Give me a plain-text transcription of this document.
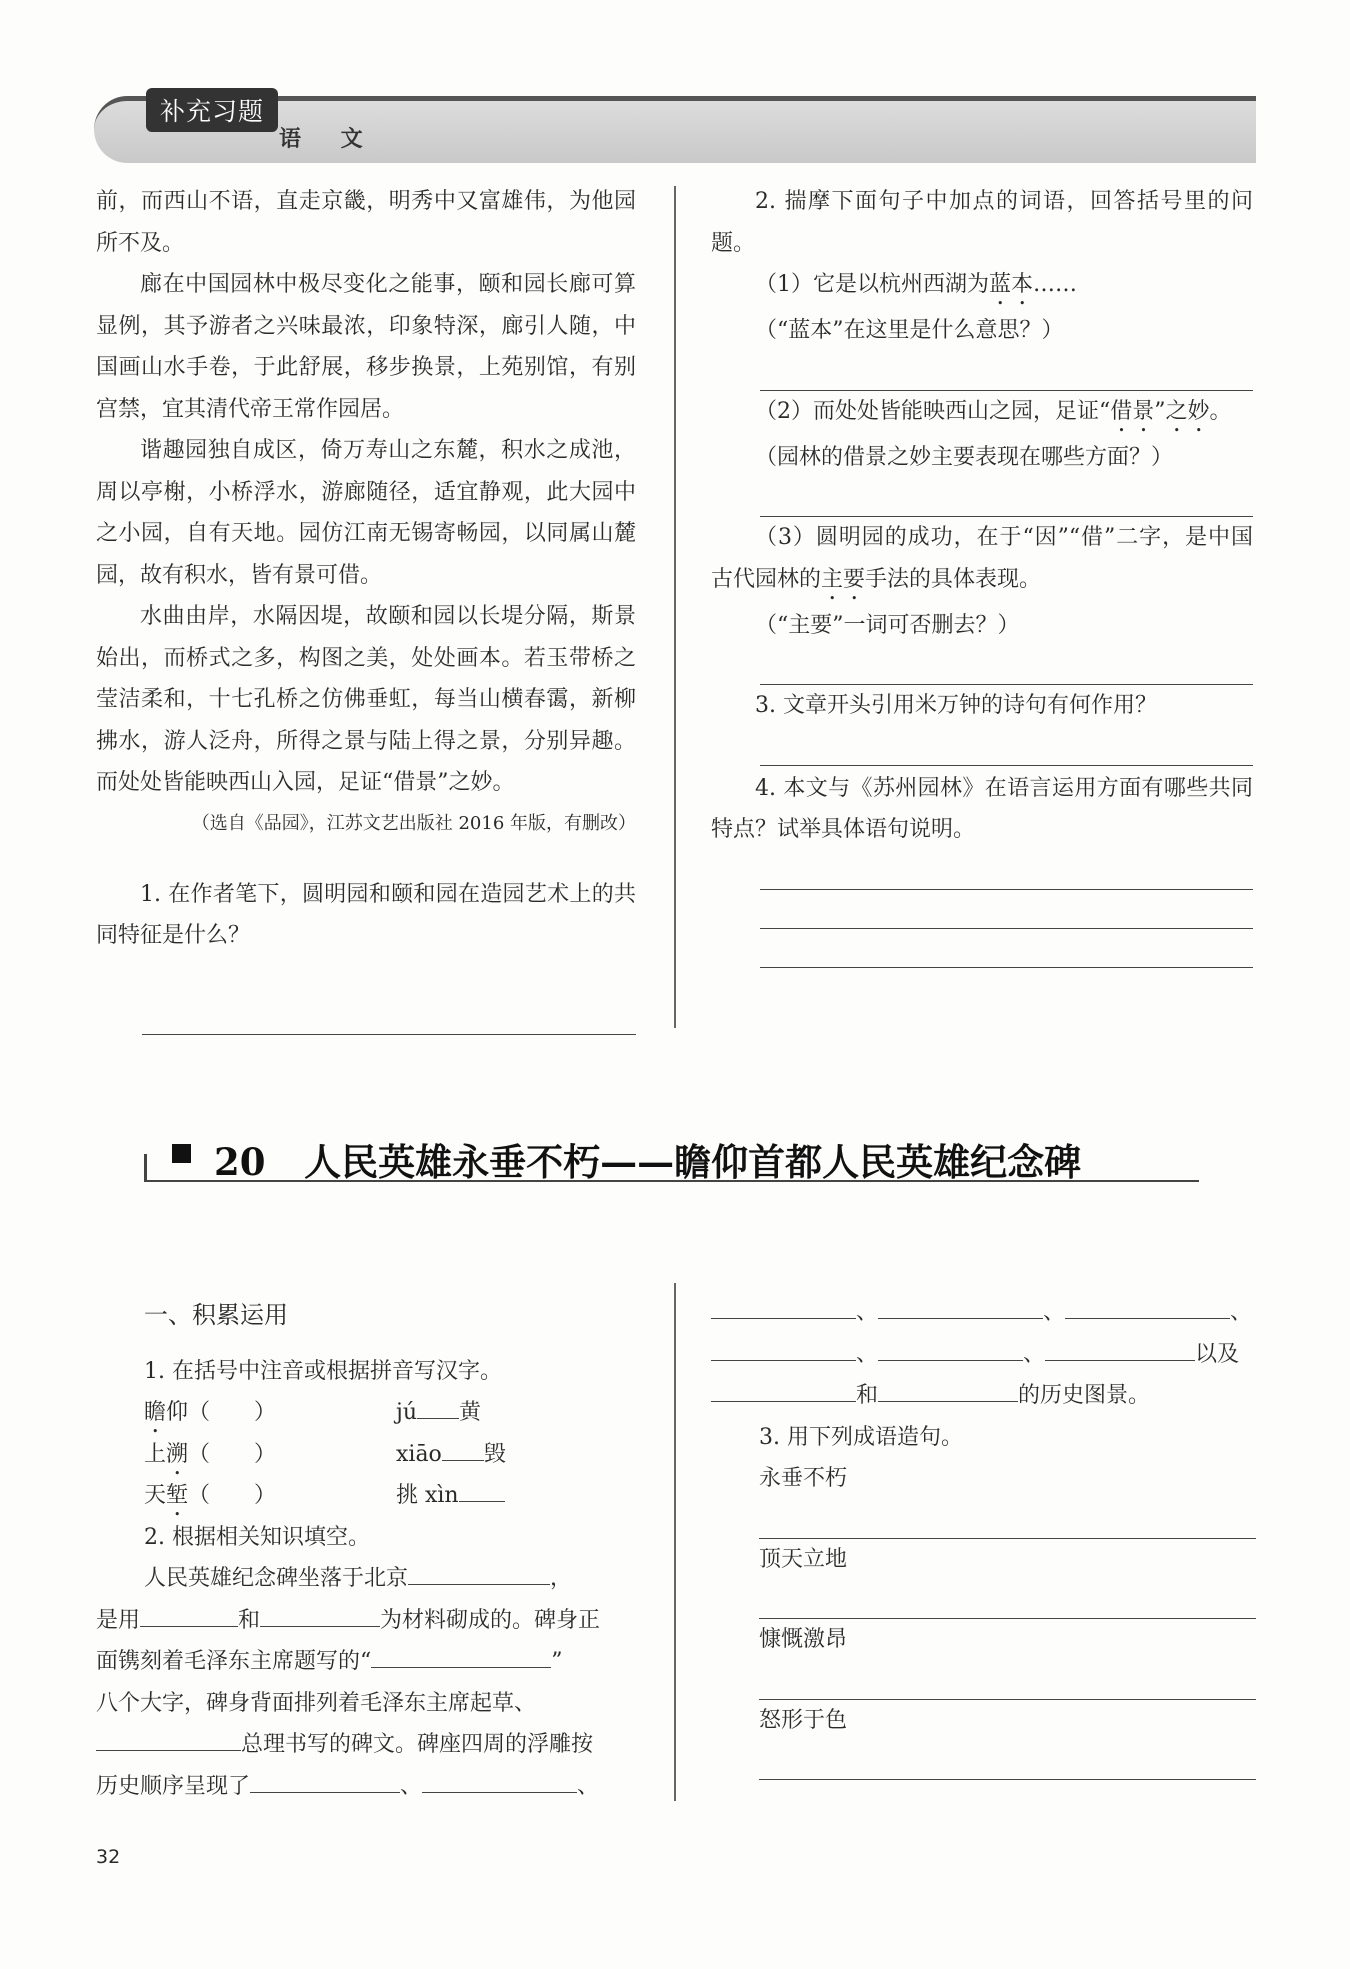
补充习题
语 文

前，而西山不语，直走京畿，明秀中又富雄伟，为他园所不及。

廊在中国园林中极尽变化之能事，颐和园长廊可算显例，其予游者之兴味最浓，印象特深，廊引人随，中国画山水手卷，于此舒展，移步换景，上苑别馆，有别宫禁，宜其清代帝王常作园居。

谐趣园独自成区，倚万寿山之东麓，积水之成池，周以亭榭，小桥浮水，游廊随径，适宜静观，此大园中之小园，自有天地。园仿江南无锡寄畅园，以同属山麓园，故有积水，皆有景可借。

水曲由岸，水隔因堤，故颐和园以长堤分隔，斯景始出，而桥式之多，构图之美，处处画本。若玉带桥之莹洁柔和，十七孔桥之仿佛垂虹，每当山横春霭，新柳拂水，游人泛舟，所得之景与陆上得之景，分别异趣。而处处皆能映西山入园，足证“借景”之妙。

（选自《品园》，江苏文艺出版社 2016 年版，有删改）

1. 在作者笔下，圆明园和颐和园在造园艺术上的共同特征是什么？

2. 揣摩下面句子中加点的词语，回答括号里的问题。

（1）它是以杭州西湖为蓝本……

（“蓝本”在这里是什么意思？）

（2）而处处皆能映西山之园，足证“借景”之妙。

（园林的借景之妙主要表现在哪些方面？）

（3）圆明园的成功，在于“因”“借”二字，是中国古代园林的主要手法的具体表现。

（“主要”一词可否删去？）

3. 文章开头引用米万钟的诗句有何作用？

4. 本文与《苏州园林》在语言运用方面有哪些共同特点？试举具体语句说明。

20 人民英雄永垂不朽——瞻仰首都人民英雄纪念碑
一、积累运用
1. 在括号中注音或根据拼音写汉字。
瞻仰（　　）	jú 黄
上溯（　　）	xiāo 毁
天堑（　　）	挑 xìn
2. 根据相关知识填空。
人民英雄纪念碑坐落于北京	，
是用	和	为材料砌成的。碑身正
面镌刻着毛泽东主席题写的“	”
八个大字，碑身背面排列着毛泽东主席起草、
总理书写的碑文。碑座四周的浮雕按
历史顺序呈现了	、	、
、	、	、
、	、	以及
和	的历史图景。
3. 用下列成语造句。
永垂不朽
顶天立地
慷慨激昂
怒形于色
32
